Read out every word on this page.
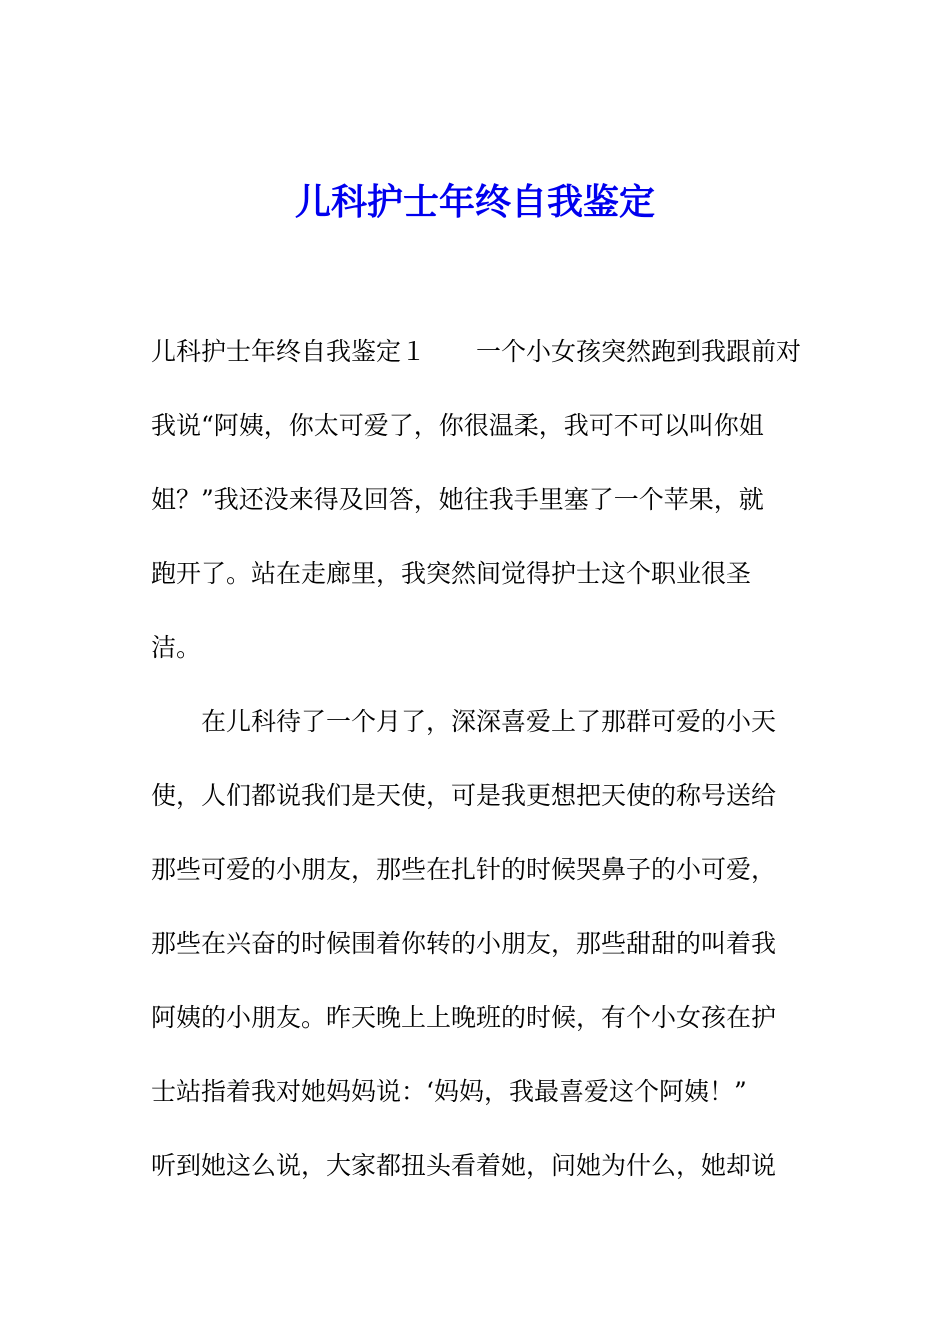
儿科护士年终自我鉴定
儿科护士年终自我鉴定１　　一个小女孩突然跑到我跟前对
我说“阿姨，你太可爱了，你很温柔，我可不可以叫你姐
姐？”我还没来得及回答，她往我手里塞了一个苹果，就
跑开了。站在走廊里，我突然间觉得护士这个职业很圣
洁。
　　在儿科待了一个月了，深深喜爱上了那群可爱的小天
使，人们都说我们是天使，可是我更想把天使的称号送给
那些可爱的小朋友，那些在扎针的时候哭鼻子的小可爱，
那些在兴奋的时候围着你转的小朋友，那些甜甜的叫着我
阿姨的小朋友。昨天晚上上晚班的时候，有个小女孩在护
士站指着我对她妈妈说：‘妈妈，我最喜爱这个阿姨！”
听到她这么说，大家都扭头看着她，问她为什么，她却说
